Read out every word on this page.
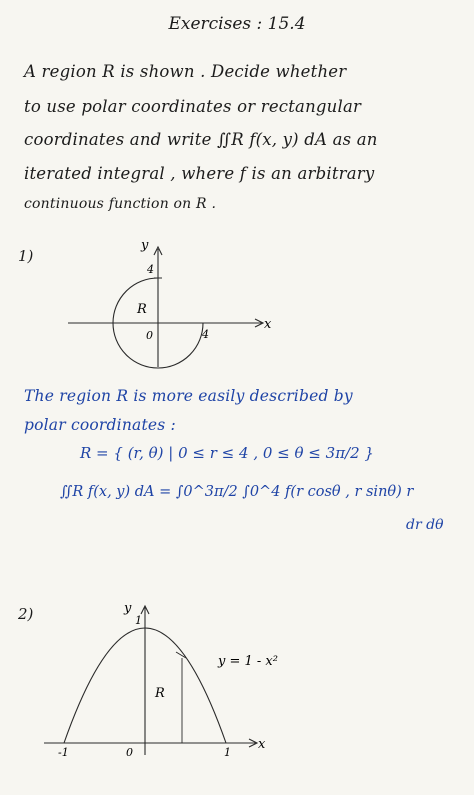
Exercises : 15.4
A region R is shown . Decide whether
to use polar coordinates or rectangular
coordinates and write ∬R f(x, y) dA as an
iterated integral , where f is an arbitrary
continuous function on R .
1)
y
4
x
4
0
R
The region R is more easily described by
polar coordinates :
R = { (r, θ) | 0 ≤ r ≤ 4 , 0 ≤ θ ≤ 3π/2 }
∬R f(x, y) dA = ∫0^3π/2 ∫0^4 f(r cosθ , r sinθ) r
dr dθ
2)	y
1
x
-1	0	1
R
y = 1 - x²
